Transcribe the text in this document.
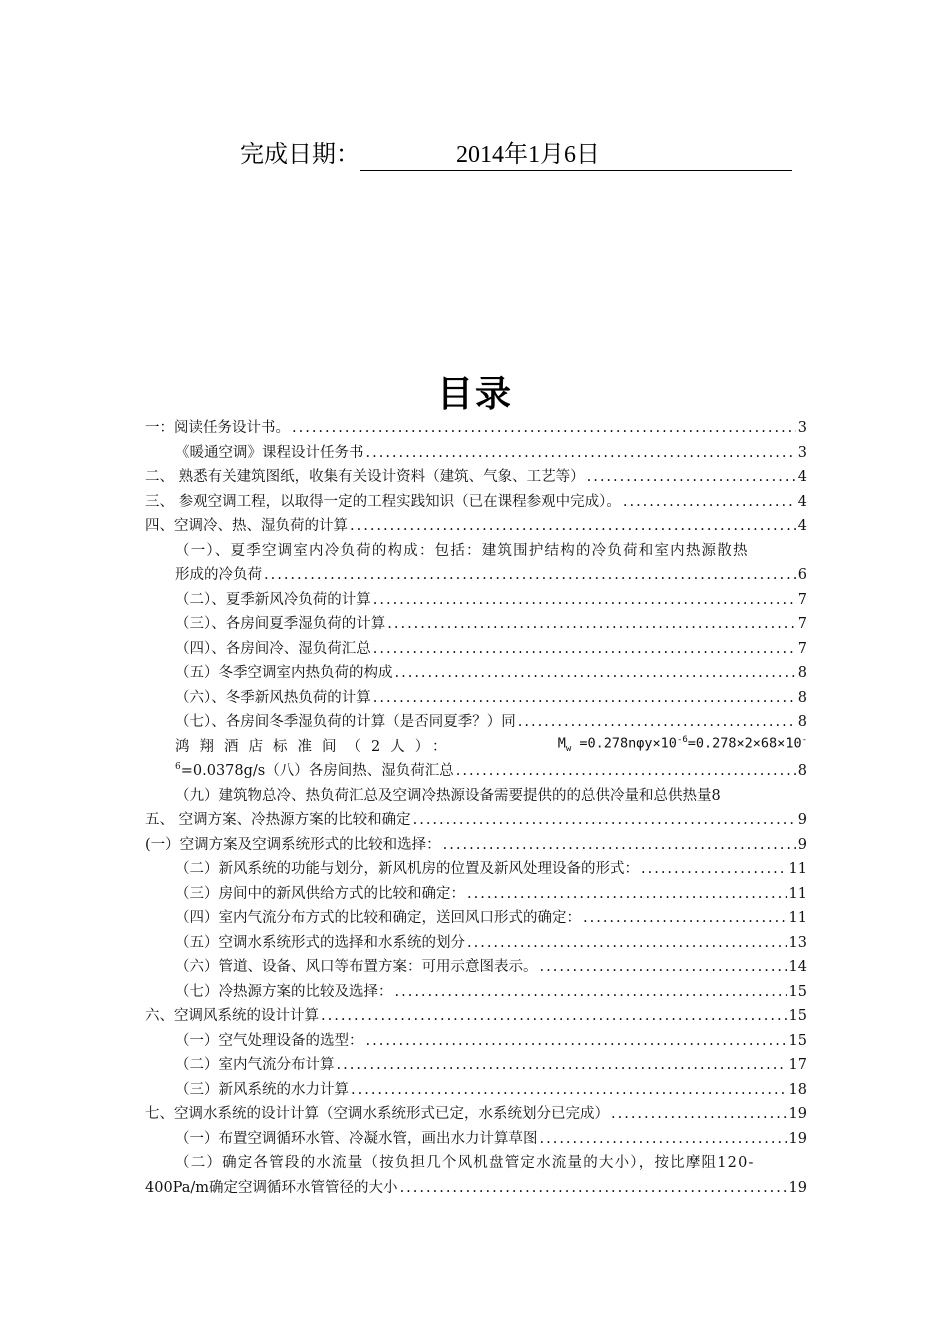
完成日期：	2014年1月6日
目录
一：阅读任务设计书。 .....	3
《暖通空调》课程设计任务书 .....	3
二、 熟悉有关建筑图纸，收集有关设计资料（建筑、气象、工艺等） .....	4
三、 参观空调工程，以取得一定的工程实践知识（已在课程参观中完成）。 .....	4
四、空调冷、热、湿负荷的计算 .....	4
（一）、夏季空调室内冷负荷的构成：包括：建筑围护结构的冷负荷和室内热源散热
形成的冷负荷 .....	6
（二）、夏季新风冷负荷的计算 .....	7
（三）、各房间夏季湿负荷的计算 .....	7
（四）、各房间冷、湿负荷汇总 .....	7
（五）冬季空调室内热负荷的构成 .....	8
（六）、冬季新风热负荷的计算 .....	8
（七）、各房间冬季湿负荷的计算（是否同夏季？）同 .....	8
鸿翔酒店标准间（2人）：	$M_w =0.278n\varphi y\times 10^{-6}=0.278\times 2\times 68\times 10^-$
$^6$=0.0378g/s（八）各房间热、湿负荷汇总 .....	8
（九）建筑物总冷、热负荷汇总及空调冷热源设备需要提供的的总供冷量和总供热量 8
五、 空调方案、冷热源方案的比较和确定 .....	9
(一）空调方案及空调系统形式的比较和选择： .....	9
（二）新风系统的功能与划分，新风机房的位置及新风处理设备的形式： .....	11
（三）房间中的新风供给方式的比较和确定： .....	11
（四）室内气流分布方式的比较和确定，送回风口形式的确定： .....	11
（五）空调水系统形式的选择和水系统的划分 .....	13
（六）管道、设备、风口等布置方案：可用示意图表示。 .....	14
（七）冷热源方案的比较及选择： .....	15
六、空调风系统的设计计算 .....	15
（一）空气处理设备的选型： .....	15
（二）室内气流分布计算 .....	17
（三）新风系统的水力计算 .....	18
七、空调水系统的设计计算（空调水系统形式已定，水系统划分已完成） .....	19
（一）布置空调循环水管、冷凝水管，画出水力计算草图 .....	19
（二）确定各管段的水流量（按负担几个风机盘管定水流量的大小），按比摩阻120-
400Pa/m确定空调循环水管管径的大小 .....	19
